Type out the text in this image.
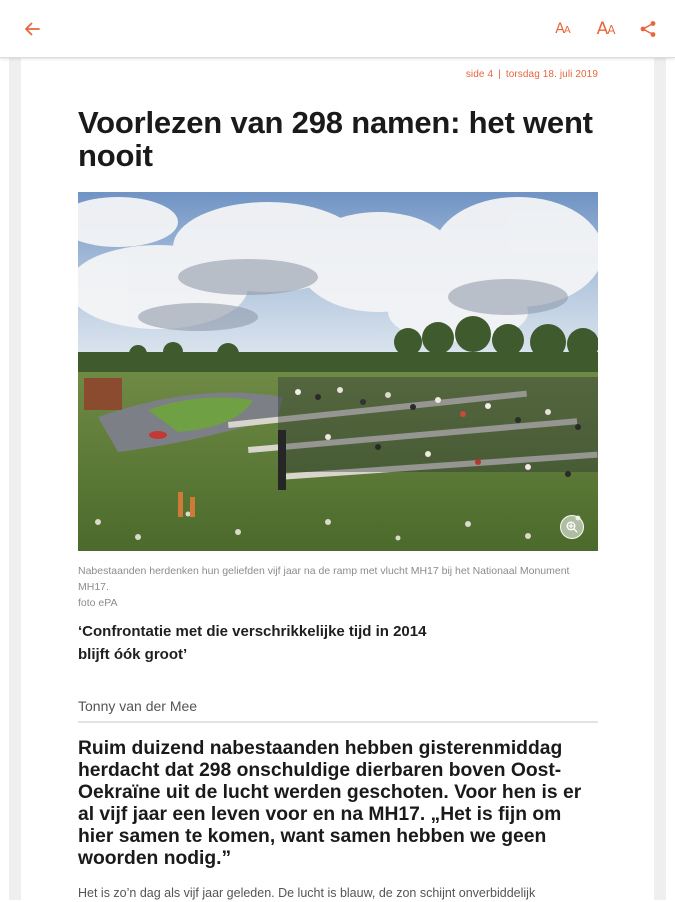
A A A A
side 4 | torsdag 18. juli 2019
Voorlezen van 298 namen: het went nooit

Nabestaanden herdenken hun geliefden vijf jaar na de ramp met vlucht MH17 bij het Nationaal Monument MH17.

foto ePA

‘Confrontatie met die verschrikkelijke tijd in 2014 blijft óók groot’

Tonny van der Mee

Ruim duizend nabestaanden hebben gisterenmiddag herdacht dat 298 onschuldige dierbaren boven Oost-Oekraïne uit de lucht werden geschoten. Voor hen is er al vijf jaar een leven voor en na MH17. „Het is fijn om hier samen te komen, want samen hebben we geen woorden nodig.”

Het is zo’n dag als vijf jaar geleden. De lucht is blauw, de zon schijnt onverbiddelijk
